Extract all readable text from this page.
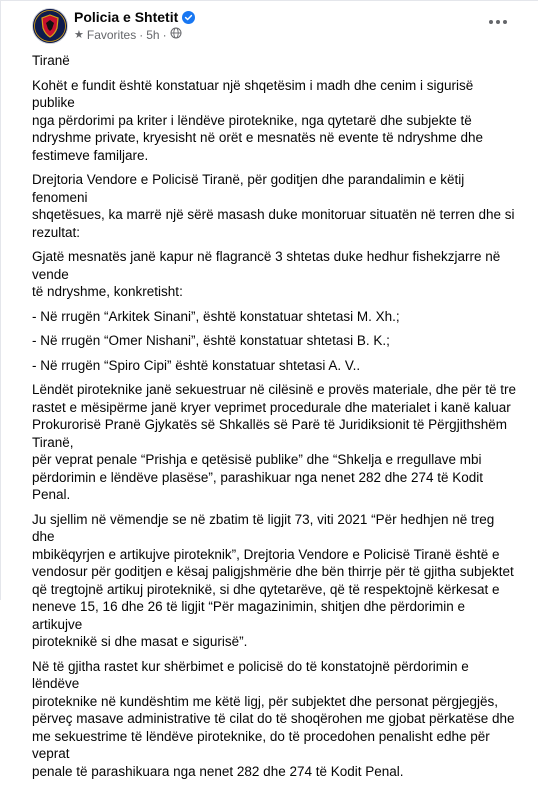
Policia e Shtetit
★ Favorites · 5h ·

Tiranë

Kohët e fundit është konstatuar një shqetësim i madh dhe cenim i sigurisë publike
nga përdorimi pa kriter i lëndëve piroteknike, nga qytetarë dhe subjekte të
ndryshme private, kryesisht në orët e mesnatës në evente të ndryshme dhe
festimeve familjare.

Drejtoria Vendore e Policisë Tiranë, për goditjen dhe parandalimin e këtij fenomeni
shqetësues, ka marrë një sërë masash duke monitoruar situatën në terren dhe si
rezultat:

Gjatë mesnatës janë kapur në flagrancë 3 shtetas duke hedhur fishekzjarre në vende
të ndryshme, konkretisht:

- Në rrugën “Arkitek Sinani”, është konstatuar shtetasi M. Xh.;
- Në rrugën “Omer Nishani”, është konstatuar shtetasi B. K.;
- Në rrugën “Spiro Cipi” është konstatuar shtetasi A. V..

Lëndët piroteknike janë sekuestruar në cilësinë e provës materiale, dhe për të tre
rastet e mësipërme janë kryer veprimet procedurale dhe materialet i kanë kaluar
Prokurorisë Pranë Gjykatës së Shkallës së Parë të Juridiksionit të Përgjithshëm Tiranë,
për veprat penale “Prishja e qetësisë publike” dhe “Shkelja e rregullave mbi
përdorimin e lëndëve plasëse”, parashikuar nga nenet 282 dhe 274 të Kodit Penal.

Ju sjellim në vëmendje se në zbatim të ligjit 73, viti 2021 “Për hedhjen në treg dhe
mbikëqyrjen e artikujve piroteknik”, Drejtoria Vendore e Policisë Tiranë është e
vendosur për goditjen e kësaj paligjshmërie dhe bën thirrje për të gjitha subjektet
që tregtojnë artikuj piroteknikë, si dhe qytetarëve, që të respektojnë kërkesat e
neneve 15, 16 dhe 26 të ligjit “Për magazinimin, shitjen dhe përdorimin e artikujve
piroteknikë si dhe masat e sigurisë”.

Në të gjitha rastet kur shërbimet e policisë do të konstatojnë përdorimin e lëndëve
piroteknike në kundështim me këtë ligj, për subjektet dhe personat përgjegjës,
përveç masave administrative të cilat do të shoqërohen me gjobat përkatëse dhe
me sekuestrime të lëndëve piroteknike, do të procedohen penalisht edhe për veprat
penale të parashikuara nga nenet 282 dhe 274 të Kodit Penal.
